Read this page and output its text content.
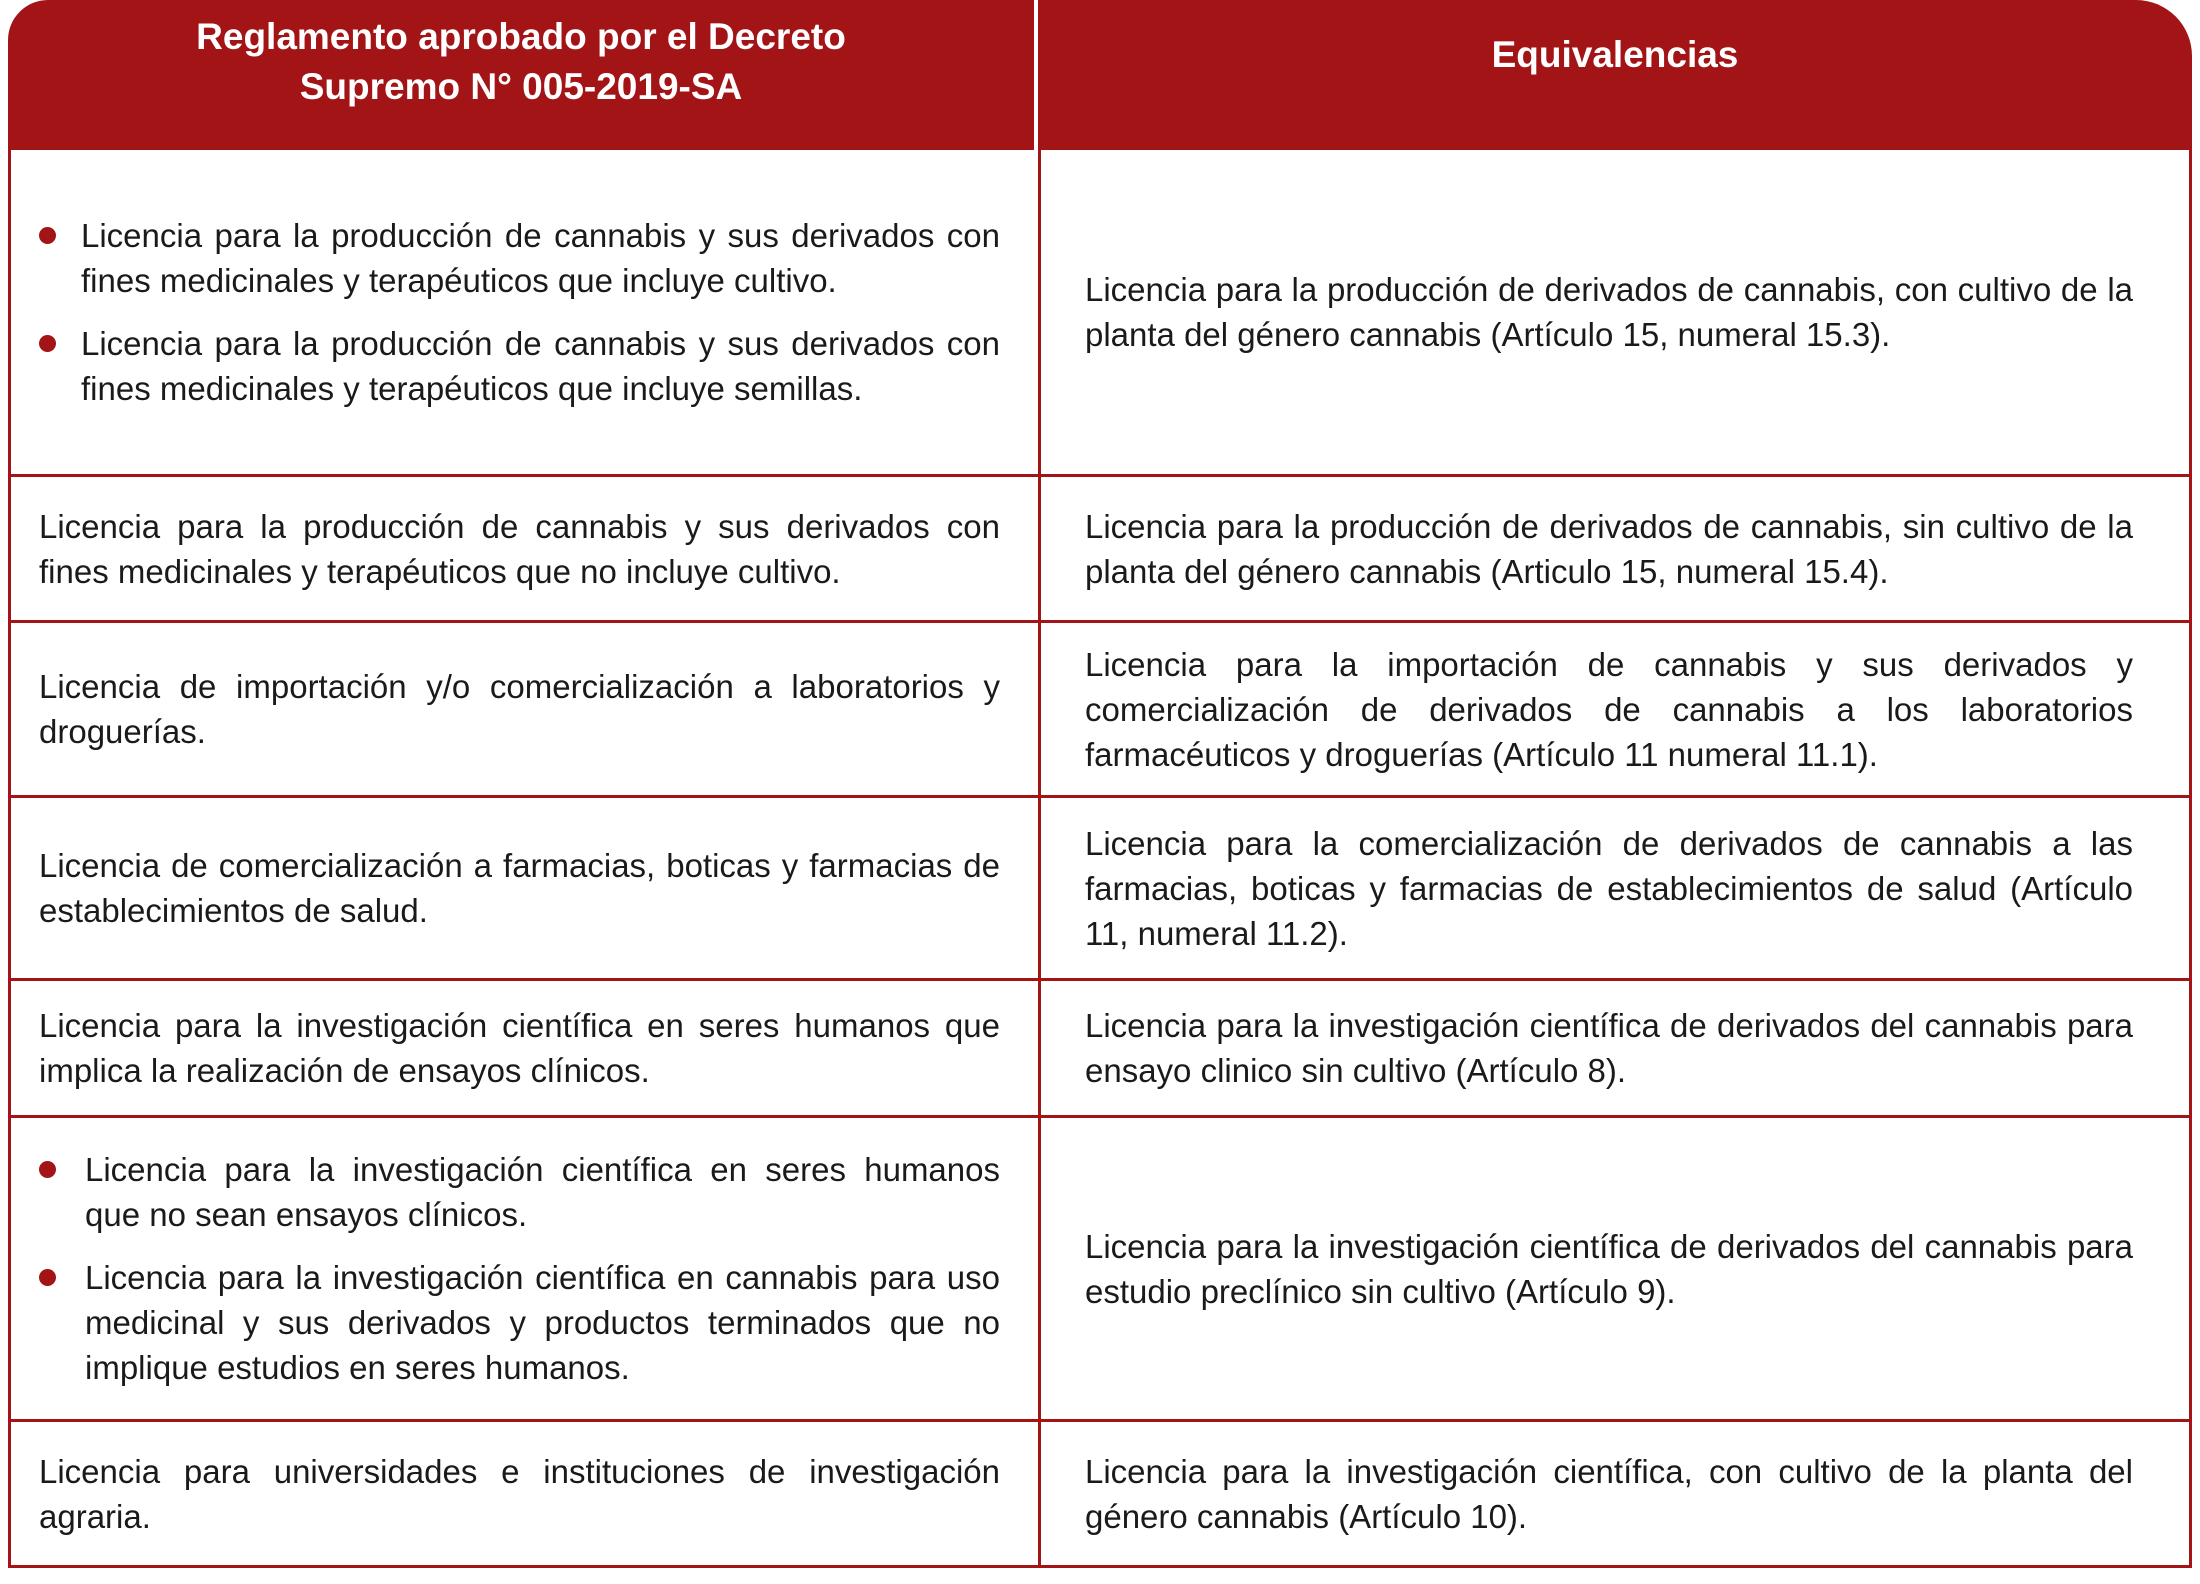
Reglamento aprobado por el Decreto Supremo N° 005-2019-SA
Equivalencias
Licencia para la producción de cannabis y sus derivados con fines medicinales y terapéuticos que incluye cultivo.
Licencia para la producción de cannabis y sus derivados con fines medicinales y terapéuticos que incluye semillas.
Licencia para la producción de derivados de cannabis, con cultivo de la planta del género cannabis (Artículo 15, numeral 15.3).
Licencia para la producción de cannabis y sus derivados con fines medicinales y terapéuticos que no incluye cultivo.
Licencia para la producción de derivados de cannabis, sin cultivo de la planta del género cannabis (Articulo 15, numeral 15.4).
Licencia de importación y/o comercialización a laboratorios y droguerías.
Licencia para la importación de cannabis y sus derivados y comercialización de derivados de cannabis a los laboratorios farmacéuticos y droguerías (Artículo 11 numeral 11.1).
Licencia de comercialización a farmacias, boticas y farmacias de establecimientos de salud.
Licencia para la comercialización de derivados de cannabis a las farmacias, boticas y farmacias de establecimientos de salud (Artículo 11, numeral 11.2).
Licencia para la investigación científica en seres humanos que implica la realización de ensayos clínicos.
Licencia para la investigación científica de derivados del cannabis para ensayo clinico sin cultivo (Artículo 8).
Licencia para la investigación científica en seres humanos que no sean ensayos clínicos.
Licencia para la investigación científica en cannabis para uso medicinal y sus derivados y productos terminados que no implique estudios en seres humanos.
Licencia para la investigación científica de derivados del cannabis para estudio preclínico sin cultivo (Artículo 9).
Licencia para universidades e instituciones de investigación agraria.
Licencia para la investigación científica, con cultivo de la planta del género cannabis (Artículo 10).
